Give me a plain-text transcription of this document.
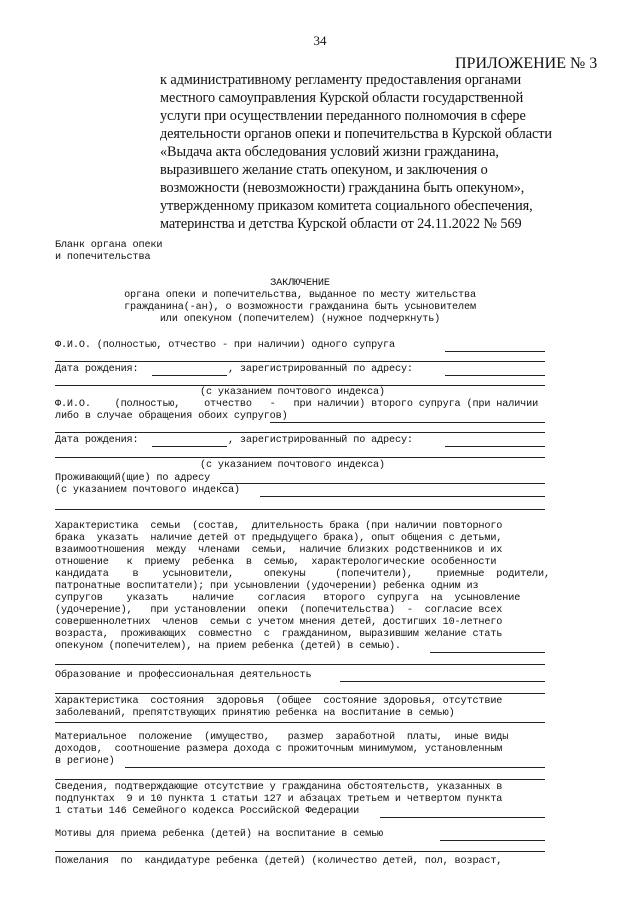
34
ПРИЛОЖЕНИЕ № 3
к административному регламенту предоставления органами
местного самоуправления Курской области государственной
услуги при осуществлении переданного полномочия в сфере
деятельности органов опеки и попечительства в Курской области
«Выдача акта обследования условий жизни гражданина,
выразившего желание стать опекуном, и заключения о
возможности (невозможности) гражданина быть опекуном»,
утвержденному приказом комитета социального обеспечения,
материнства и детства Курской области от 24.11.2022 № 569
Бланк органа опеки
и попечительства
ЗАКЛЮЧЕНИЕ
органа опеки и попечительства, выданное по месту жительства
гражданина(-ан), о возможности гражданина быть усыновителем
или опекуном (попечителем) (нужное подчеркнуть)
Ф.И.О. (полностью, отчество - при наличии) одного супруга
Дата рождения:	, зарегистрированный по адресу:
(с указанием почтового индекса)
Ф.И.О.    (полностью,    отчество   -   при наличии) второго супруга (при наличии
либо в случае обращения обоих супругов)
Дата рождения:	, зарегистрированный по адресу:
(с указанием почтового индекса)
Проживающий(щие) по адресу
(с указанием почтового индекса)
Характеристика  семьи  (состав,  длительность брака (при наличии повторного
брака  указать  наличие детей от предыдущего брака), опыт общения с детьми,
взаимоотношения  между  членами  семьи,  наличие близких родственников и их
отношение   к  приему  ребенка  в  семью,  характерологические особенности
кандидата    в    усыновители,     опекуны     (попечители),    приемные  родители,
патронатные воспитатели); при усыновлении (удочерении) ребенка одним из
супругов    указать    наличие    согласия   второго  супруга  на  усыновление
(удочерение),   при установлении  опеки  (попечительства)  -  согласие всех
совершеннолетних  членов  семьи с учетом мнения детей, достигших 10-летнего
возраста,  проживающих  совместно  с  гражданином, выразившим желание стать
опекуном (попечителем), на прием ребенка (детей) в семью).
Образование и профессиональная деятельность
Характеристика  состояния  здоровья  (общее  состояние здоровья, отсутствие
заболеваний, препятствующих принятию ребенка на воспитание в семью)
Материальное  положение  (имущество,   размер  заработной  платы,  иные виды
доходов,  соотношение размера дохода с прожиточным минимумом, установленным
в регионе)
Сведения, подтверждающие отсутствие у гражданина обстоятельств, указанных в
подпунктах  9 и 10 пункта 1 статьи 127 и абзацах третьем и четвертом пункта
1 статьи 146 Семейного кодекса Российской Федерации
Мотивы для приема ребенка (детей) на воспитание в семью
Пожелания  по  кандидатуре ребенка (детей) (количество детей, пол, возраст,
